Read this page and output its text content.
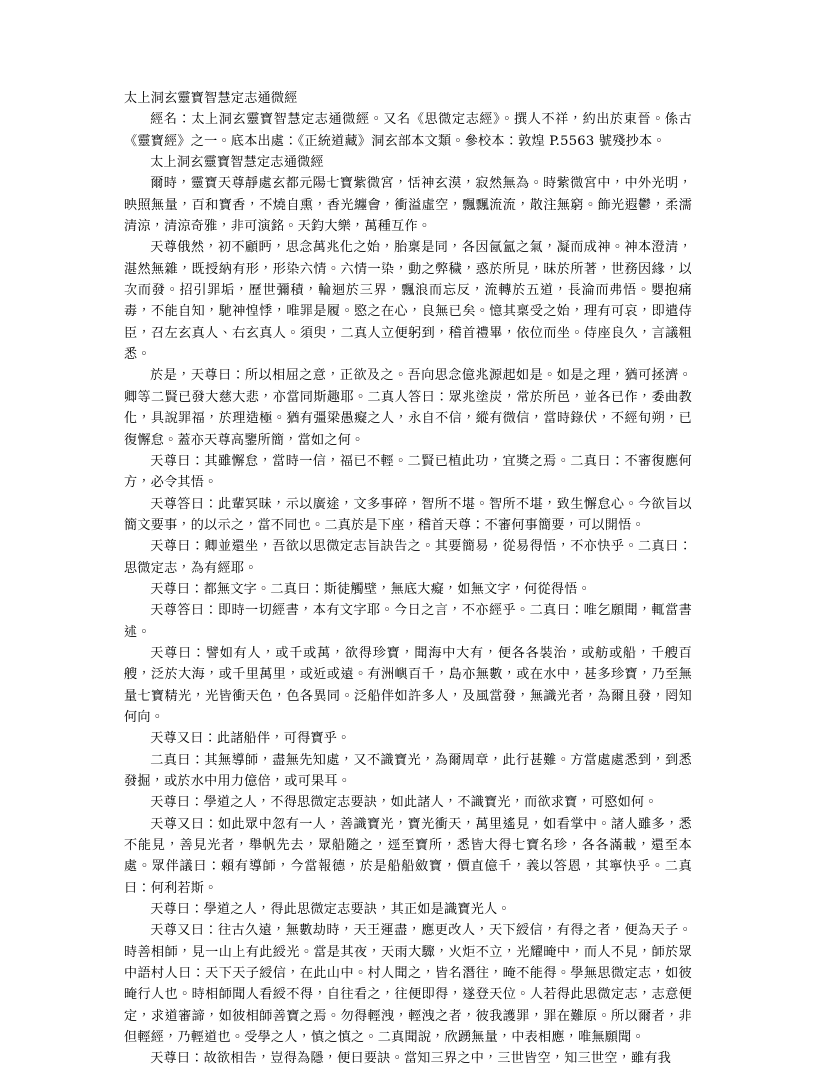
太上洞玄靈寶智慧定志通微經

經名：太上洞玄靈寶智慧定志通微經。又名《思微定志經》。撰人不祥，約出於東晉。係古《靈寶經》之一。底本出處：《正統道藏》洞玄部本文類。參校本：敦煌 P.5563 號殘抄本。

太上洞玄靈寶智慧定志通微經

爾時，靈寶天尊靜處玄都元陽七寶紫微宮，恬神玄漠，寂然無為。時紫微宮中，中外光明，映照無量，百和寶香，不燒自熏，香光纏會，衝溢虛空，飄飄流流，散注無窮。飾光遐鬱，柔濡清涼，清涼奇雅，非可演銘。天鈞大樂，萬種互作。

天尊俄然，初不顧眄，思念萬兆化之始，胎稟是同，各因氤氳之氣，凝而成神。神本澄清，湛然無雜，既授納有形，形染六情。六情一染，動之弊穢，惑於所見，昧於所著，世務因緣，以次而發。招引罪垢，歷世彌積，輪迴於三界，飄浪而忘反，流轉於五道，長淪而弗悟。嬰抱痛毒，不能自知，馳神惶悸，唯罪是履。愍之在心，良無已矣。憶其稟受之始，理有可哀，即遣侍臣，召左玄真人、右玄真人。須臾，二真人立便躬到，稽首禮畢，依位而坐。侍座良久，言議粗悉。

於是，天尊曰：所以相屈之意，正欲及之。吾向思念億兆源起如是。如是之理，猶可拯濟。卿等二賢已發大慈大悲，亦當同斯趣耶。二真人答曰：眾兆塗炭，常於所邑，並各已作，委曲教化，具說罪福，於理造極。猶有彊梁愚癡之人，永自不信，縱有微信，當時錄伏，不經旬朔，已復懈怠。蓋亦天尊高鑒所簡，當如之何。

天尊曰：其雖懈怠，當時一信，福已不輕。二賢已植此功，宜獎之焉。二真曰：不審復應何方，必令其悟。

天尊答曰：此輩冥昧，示以廣途，文多事碎，智所不堪。智所不堪，致生懈怠心。今欲旨以簡文要事，的以示之，當不同也。二真於是下座，稽首天尊：不審何事簡要，可以開悟。

天尊曰：卿並還坐，吾欲以思微定志旨訣告之。其要簡易，從易得悟，不亦快乎。二真曰：思微定志，為有經耶。

天尊曰：都無文字。二真曰：斯徒觸壁，無底大癡，如無文字，何從得悟。

天尊答曰：即時一切經書，本有文字耶。今日之言，不亦經乎。二真曰：唯乞願聞，輒當書述。

天尊曰：譬如有人，或千或萬，欲得珍寶，聞海中大有，便各各裝治，或舫或船，千艘百艘，泛於大海，或千里萬里，或近或遠。有洲嶼百千，島亦無數，或在水中，甚多珍寶，乃至無量七寶精光，光皆衝天色，色各異同。泛船伴如許多人，及風當發，無識光者，為爾且發，罔知何向。

天尊又曰：此諸船伴，可得寶乎。

二真曰：其無導師，盡無先知處，又不識寶光，為爾周章，此行甚難。方當處處悉到，到悉發掘，或於水中用力億倍，或可果耳。

天尊曰：學道之人，不得思微定志要訣，如此諸人，不識寶光，而欲求寶，可愍如何。

天尊又曰：如此眾中忽有一人，善識寶光，寶光衝天，萬里遙見，如看掌中。諸人雖多，悉不能見，善見光者，舉帆先去，眾船隨之，逕至寶所，悉皆大得七寶名珍，各各滿載，還至本處。眾伴議曰：賴有導師，今當報德，於是船船斂寶，價直億千，義以答恩，其寧快乎。二真曰：何利若斯。

天尊曰：學道之人，得此思微定志要訣，其正如是識寶光人。

天尊又曰：往古久遠，無數劫時，天王運盡，應更改人，天下綬信，有得之者，便為天子。時善相師，見一山上有此綬光。當是其夜，天雨大驟，火炬不立，光耀晻中，而人不見，師於眾中語村人曰：天下天子綬信，在此山中。村人聞之，皆名潛往，晻不能得。學無思微定志，如彼晻行人也。時相師聞人看綬不得，自往看之，往便即得，遂登天位。人若得此思微定志，志意便定，求道審諦，如彼相師善寶之焉。勿得輕洩，輕洩之者，彼我護罪，罪在難原。所以爾者，非但輕經，乃輕道也。受學之人，慎之慎之。二真聞說，欣踴無量，中表相應，唯無願聞。

天尊曰：故欲相告，豈得為隱，便曰要訣。當知三界之中，三世皆空，知三世空，雖有我
